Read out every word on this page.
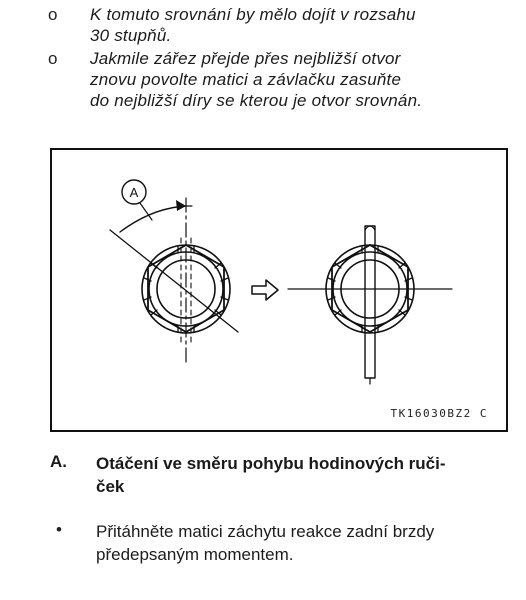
o K tomuto srovnání by mělo dojít v rozsahu
30 stupňů.
o Jakmile zářez přejde přes nejbližší otvor
znovu povolte matici a závlačku zasuňte
do nejbližší díry se kterou je otvor srovnán.
A
TK16030BZ2 C
A. Otáčení ve směru pohybu hodinových ruči-
ček
• Přitáhněte matici záchytu reakce zadní brzdy
předepsaným momentem.
